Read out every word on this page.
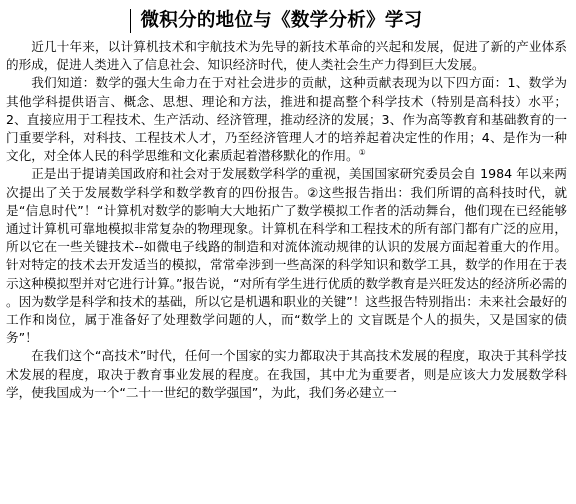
微积分的地位与《数学分析》学习

近几十年来，以计算机技术和宇航技术为先导的新技术革命的兴起和发展，促进了新的产业体系的形成，促进人类进入了信息社会、知识经济时代，使人类社会生产力得到巨大发展。

我们知道：数学的强大生命力在于对社会进步的贡献，这种贡献表现为以下四方面：1、数学为其他学科提供语言、概念、思想、理论和方法，推进和提高整个科学技术（特别是高科技）水平；2、直接应用于工程技术、生产活动、经济管理，推动经济的发展；3、作为高等教育和基础教育的一门重要学科，对科技、工程技术人才，乃至经济管理人才的培养起着决定性的作用；4、是作为一种文化，对全体人民的科学思维和文化素质起着潜移默化的作用。①

正是出于提请美国政府和社会对于发展数学科学的重视，美国国家研究委员会自 1984 年以来两次提出了关于发展数学科学和数学教育的四份报告。②这些报告指出：我们所谓的高科技时代，就是“信息时代”！“计算机对数学的影响大大地拓广了数学模拟工作者的活动舞台，他们现在已经能够通过计算机可靠地模拟非常复杂的物理现象。计算机在科学和工程技术的所有部门都有广泛的应用，所以它在一些关键技术--如微电子线路的制造和对流体流动规律的认识的发展方面起着重大的作用。针对特定的技术去开发适当的模拟，常常牵涉到一些高深的科学知识和数学工具，数学的作用在于表示这种模拟型并对它进行计算。”报告说，“对所有学生进行优质的数学教育是兴旺发达的经济所必需的 。因为数学是科学和技术的基础，所以它是机遇和职业的关键”！这些报告特别指出：未来社会最好的工作和岗位，属于准备好了处理数学问题的人，而“数学上的 文盲既是个人的损失，又是国家的债务”！

在我们这个“高技术”时代，任何一个国家的实力都取决于其高技术发展的程度，取决于其科学技术发展的程度，取决于教育事业发展的程度。在我国，其中尤为重要者，则是应该大力发展数学科学，使我国成为一个“二十一世纪的数学强国”，为此，我们务必建立一
